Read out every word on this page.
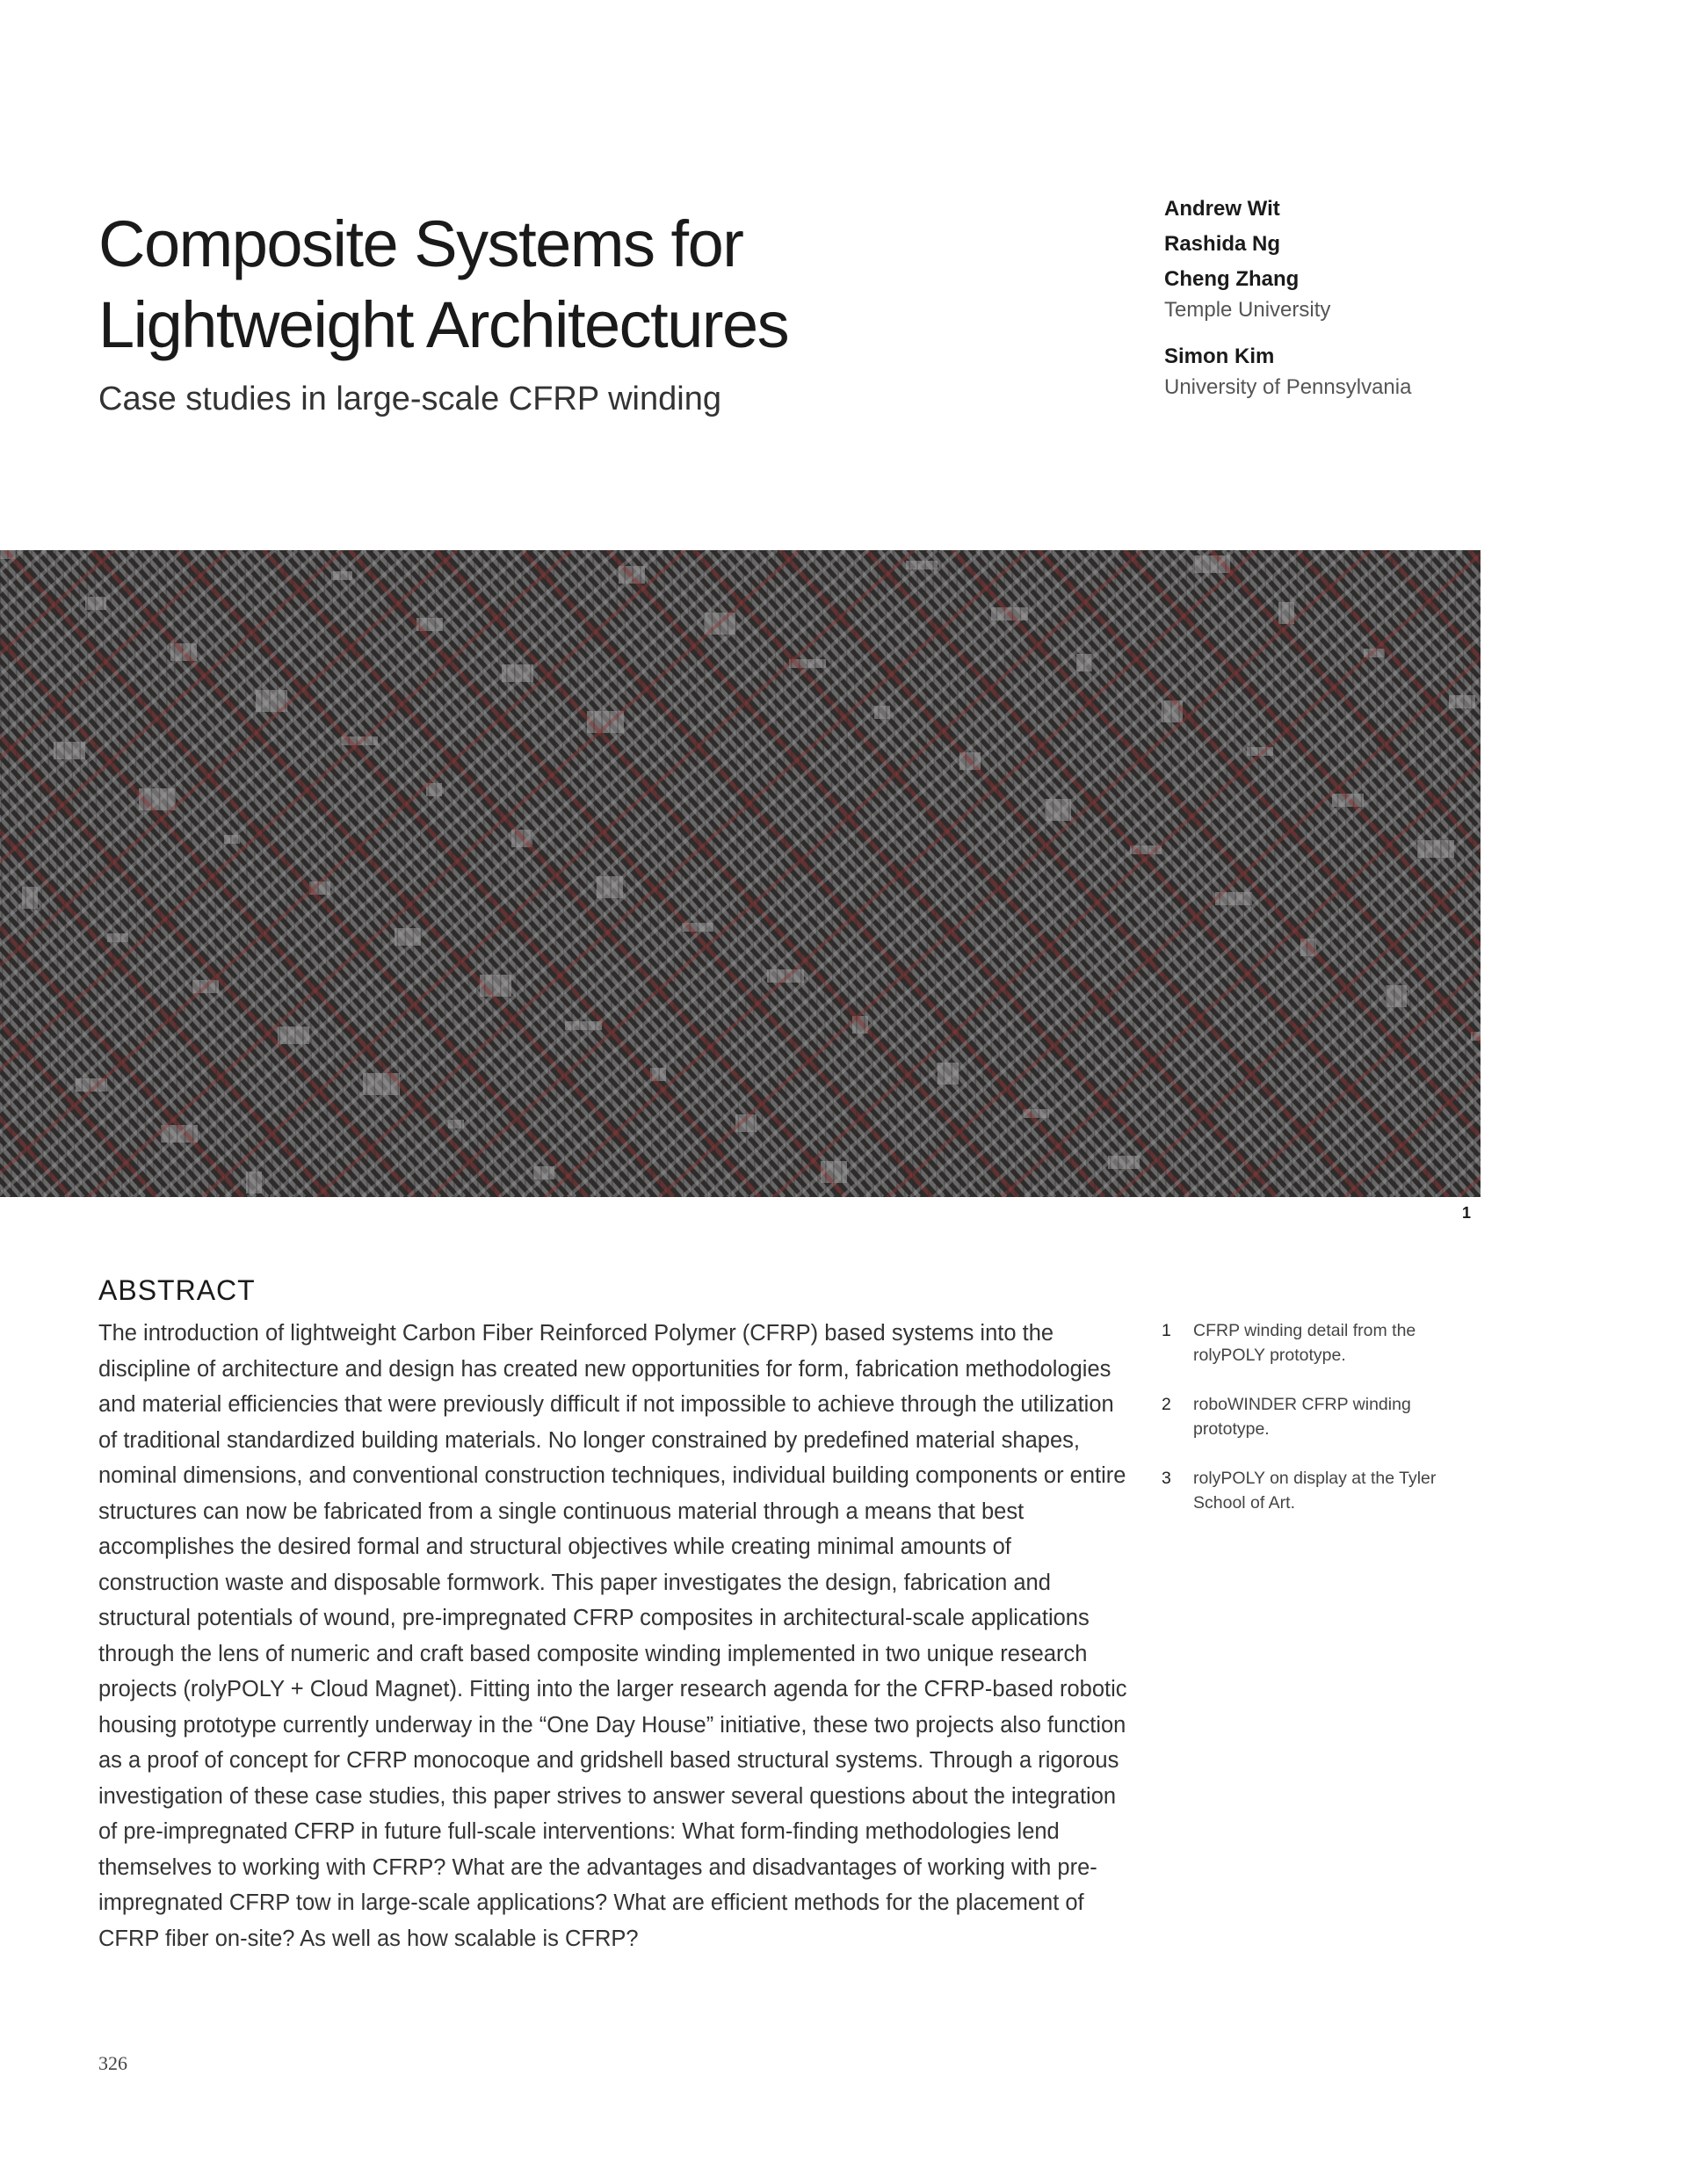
Composite Systems for Lightweight Architectures
Case studies in large-scale CFRP winding
Andrew Wit
Rashida Ng
Cheng Zhang
Temple University
Simon Kim
University of Pennsylvania
1
ABSTRACT

The introduction of lightweight Carbon Fiber Reinforced Polymer (CFRP) based systems into the discipline of architecture and design has created new opportunities for form, fabrication methodologies and material efficiencies that were previously difficult if not impossible to achieve through the utilization of traditional standardized building materials. No longer constrained by predefined material shapes, nominal dimensions, and conventional construction techniques, individual building components or entire structures can now be fabricated from a single continuous material through a means that best accomplishes the desired formal and structural objectives while creating minimal amounts of construction waste and disposable formwork. This paper investigates the design, fabrication and structural potentials of wound, pre-impregnated CFRP composites in architectural-scale applications through the lens of numeric and craft based composite winding implemented in two unique research projects (rolyPOLY + Cloud Magnet). Fitting into the larger research agenda for the CFRP-based robotic housing prototype currently underway in the “One Day House” initiative, these two projects also function as a proof of concept for CFRP monocoque and gridshell based structural systems. Through a rigorous investigation of these case studies, this paper strives to answer several questions about the integration of pre-impregnated CFRP in future full-scale interventions: What form-finding methodologies lend themselves to working with CFRP? What are the advantages and disadvantages of working with pre-impregnated CFRP tow in large-scale applications? What are efficient methods for the placement of CFRP fiber on-site? As well as how scalable is CFRP?

1 CFRP winding detail from the rolyPOLY prototype.
2 roboWINDER CFRP winding prototype.
3 rolyPOLY on display at the Tyler School of Art.
326
